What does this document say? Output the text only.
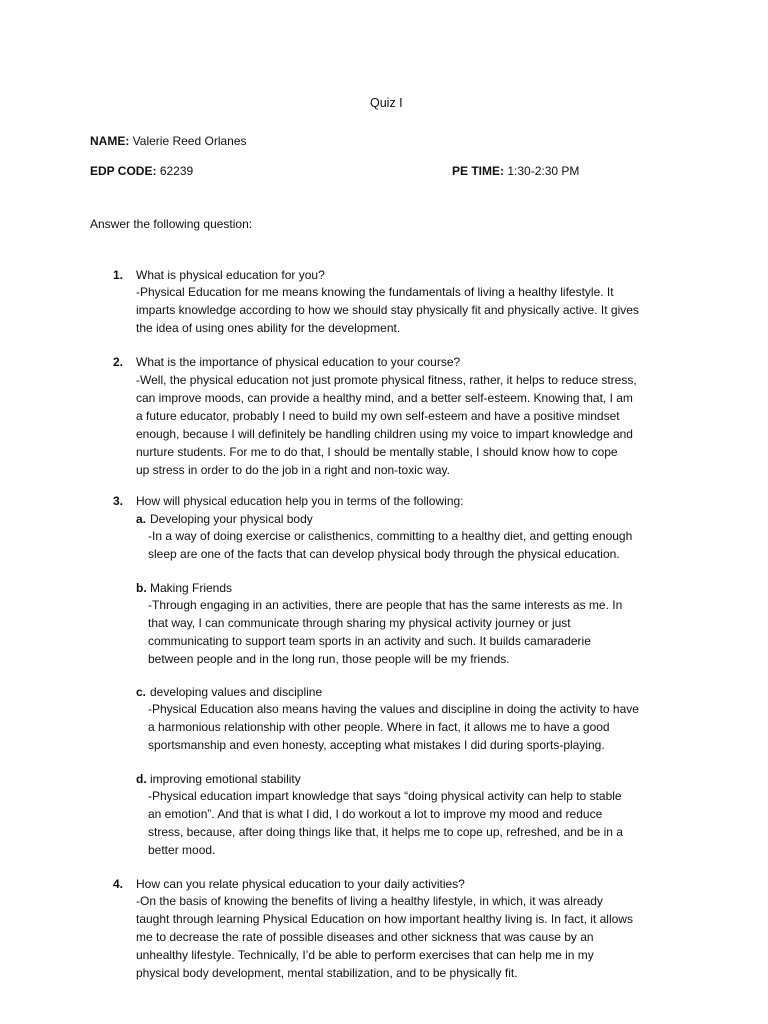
Quiz I
NAME: Valerie Reed Orlanes
EDP CODE: 62239	PE TIME: 1:30-2:30 PM
Answer the following question:
1. What is physical education for you?
-Physical Education for me means knowing the fundamentals of living a healthy lifestyle. It
imparts knowledge according to how we should stay physically fit and physically active. It gives
the idea of using ones ability for the development.
2. What is the importance of physical education to your course?
-Well, the physical education not just promote physical fitness, rather, it helps to reduce stress,
can improve moods, can provide a healthy mind, and a better self-esteem. Knowing that, I am
a future educator, probably I need to build my own self-esteem and have a positive mindset
enough, because I will definitely be handling children using my voice to impart knowledge and
nurture students. For me to do that, I should be mentally stable, I should know how to cope
up stress in order to do the job in a right and non-toxic way.
3. How will physical education help you in terms of the following:
a. Developing your physical body
-In a way of doing exercise or calisthenics, committing to a healthy diet, and getting enough
sleep are one of the facts that can develop physical body through the physical education.
b. Making Friends
-Through engaging in an activities, there are people that has the same interests as me. In
that way, I can communicate through sharing my physical activity journey or just
communicating to support team sports in an activity and such. It builds camaraderie
between people and in the long run, those people will be my friends.
c. developing values and discipline
-Physical Education also means having the values and discipline in doing the activity to have
a harmonious relationship with other people. Where in fact, it allows me to have a good
sportsmanship and even honesty, accepting what mistakes I did during sports-playing.
d. improving emotional stability
-Physical education impart knowledge that says “doing physical activity can help to stable
an emotion”. And that is what I did, I do workout a lot to improve my mood and reduce
stress, because, after doing things like that, it helps me to cope up, refreshed, and be in a
better mood.
4. How can you relate physical education to your daily activities?
-On the basis of knowing the benefits of living a healthy lifestyle, in which, it was already
taught through learning Physical Education on how important healthy living is. In fact, it allows
me to decrease the rate of possible diseases and other sickness that was cause by an
unhealthy lifestyle. Technically, I’d be able to perform exercises that can help me in my
physical body development, mental stabilization, and to be physically fit.
